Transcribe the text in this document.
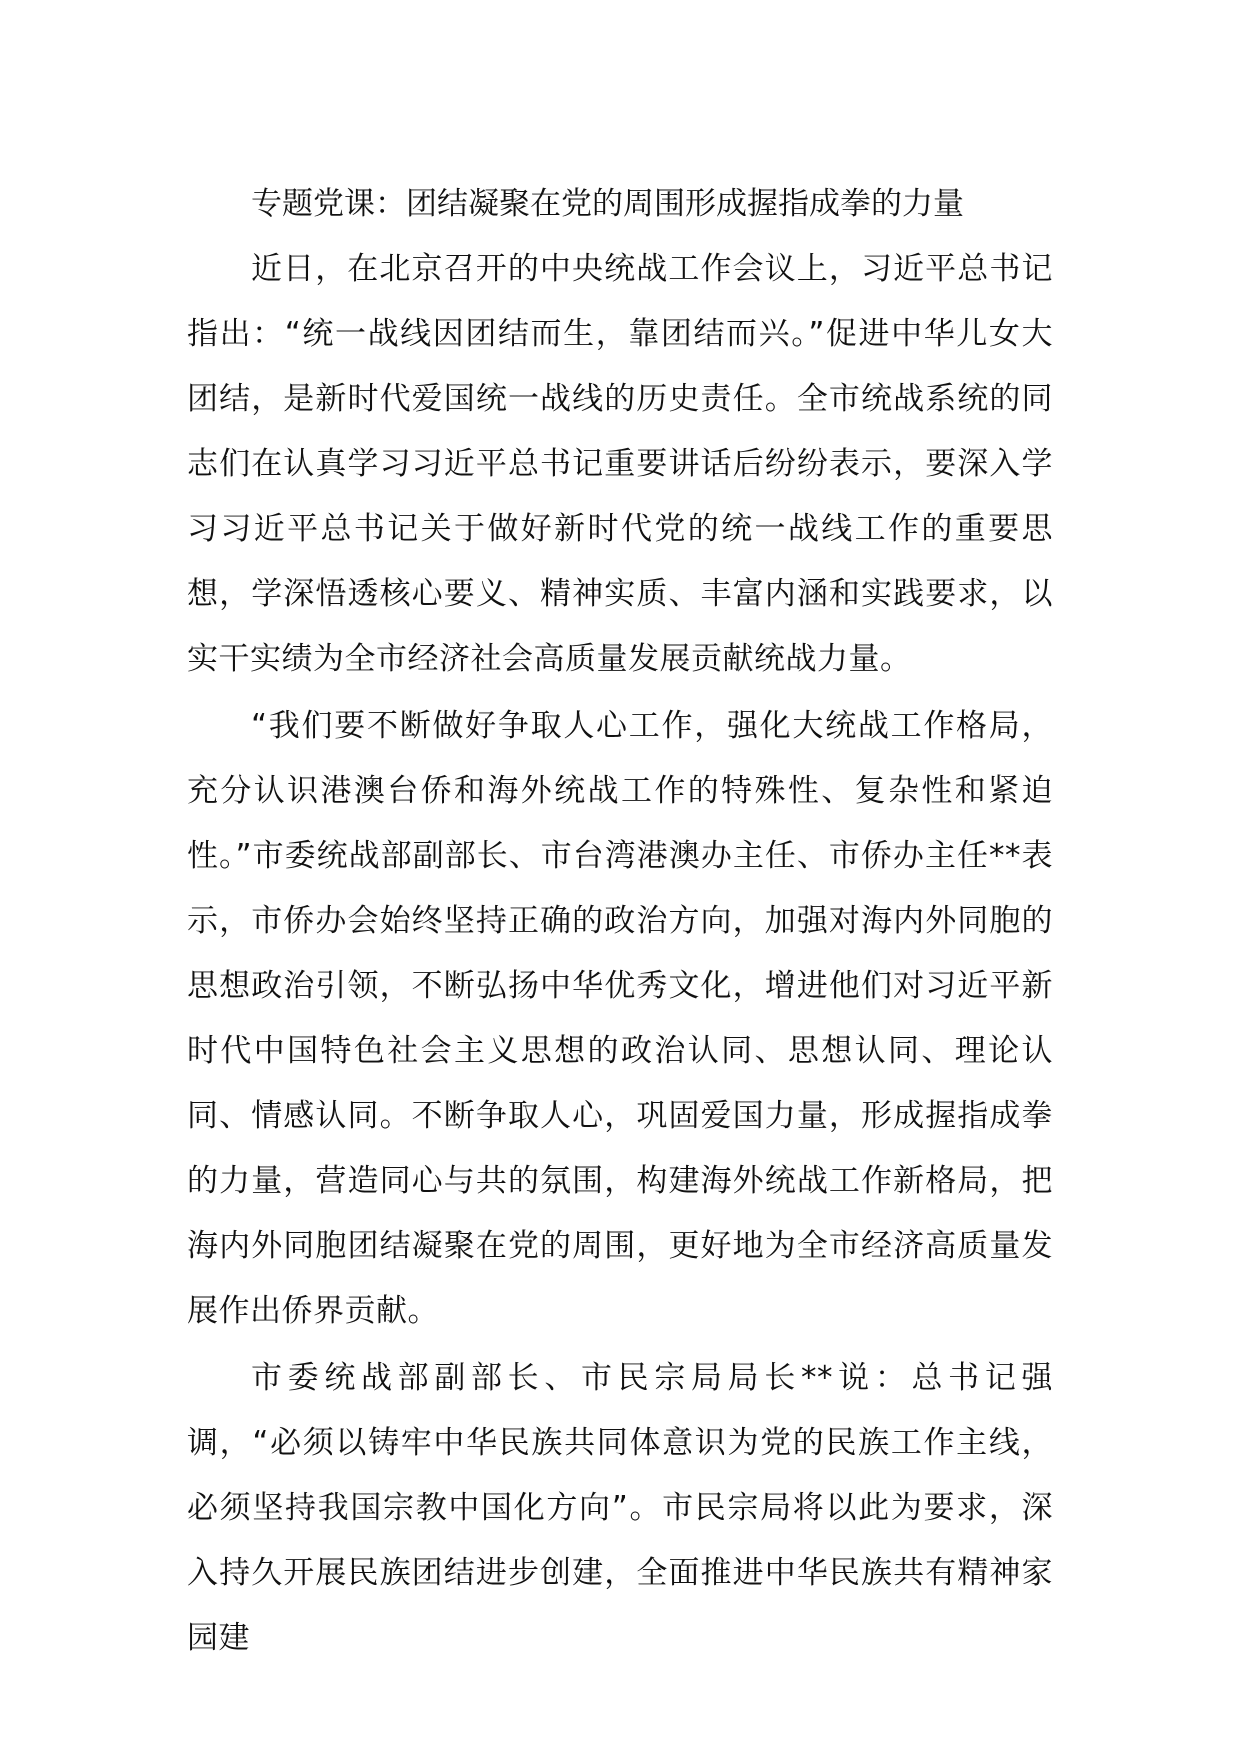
专题党课：团结凝聚在党的周围形成握指成拳的力量

近日，在北京召开的中央统战工作会议上，习近平总书记指出：“统一战线因团结而生，靠团结而兴。”促进中华儿女大团结，是新时代爱国统一战线的历史责任。全市统战系统的同志们在认真学习习近平总书记重要讲话后纷纷表示，要深入学习习近平总书记关于做好新时代党的统一战线工作的重要思想，学深悟透核心要义、精神实质、丰富内涵和实践要求，以实干实绩为全市经济社会高质量发展贡献统战力量。

“我们要不断做好争取人心工作，强化大统战工作格局，充分认识港澳台侨和海外统战工作的特殊性、复杂性和紧迫性。”市委统战部副部长、市台湾港澳办主任、市侨办主任**表示，市侨办会始终坚持正确的政治方向，加强对海内外同胞的思想政治引领，不断弘扬中华优秀文化，增进他们对习近平新时代中国特色社会主义思想的政治认同、思想认同、理论认同、情感认同。不断争取人心，巩固爱国力量，形成握指成拳的力量，营造同心与共的氛围，构建海外统战工作新格局，把海内外同胞团结凝聚在党的周围，更好地为全市经济高质量发展作出侨界贡献。

市委统战部副部长、市民宗局局长**说：总书记强调，“必须以铸牢中华民族共同体意识为党的民族工作主线，必须坚持我国宗教中国化方向”。市民宗局将以此为要求，深入持久开展民族团结进步创建，全面推进中华民族共有精神家园建
